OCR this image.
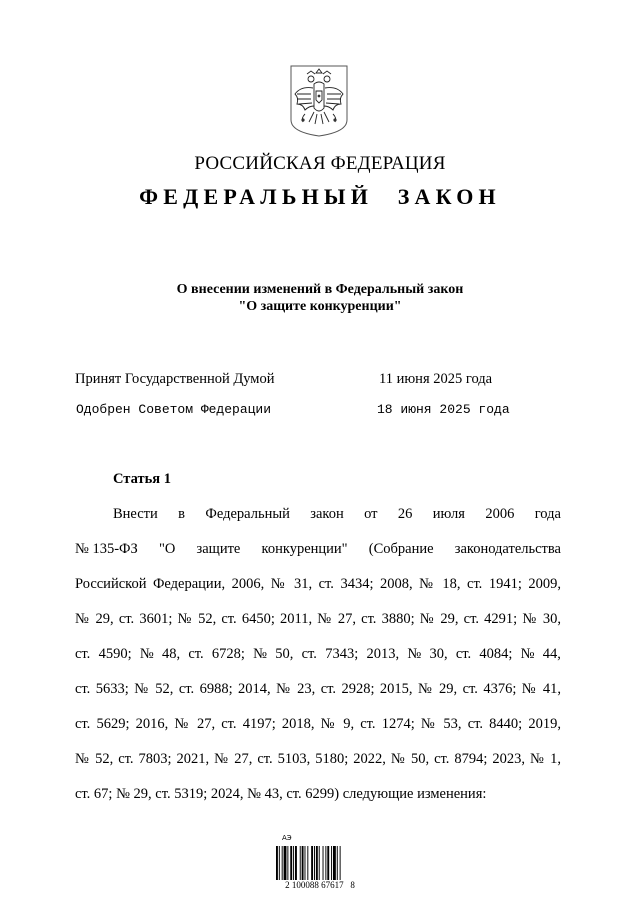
РОССИЙСКАЯ ФЕДЕРАЦИЯ
ФЕДЕРАЛЬНЫЙ ЗАКОН
О внесении изменений в Федеральный закон
"О защите конкуренции"
Принят Государственной Думой	11 июня 2025 года
Одобрен Советом Федерации	18 июня 2025 года
Статья 1
Внести в Федеральный закон от 26 июля 2006 года
№ 135-ФЗ "О защите конкуренции" (Собрание законодательства
Российской Федерации, 2006, № 31, ст. 3434; 2008, № 18, ст. 1941; 2009,
№ 29, ст. 3601; № 52, ст. 6450; 2011, № 27, ст. 3880; № 29, ст. 4291; № 30,
ст. 4590; № 48, ст. 6728; № 50, ст. 7343; 2013, № 30, ст. 4084; № 44,
ст. 5633; № 52, ст. 6988; 2014, № 23, ст. 2928; 2015, № 29, ст. 4376; № 41,
ст. 5629; 2016, № 27, ст. 4197; 2018, № 9, ст. 1274; № 53, ст. 8440; 2019,
№ 52, ст. 7803; 2021, № 27, ст. 5103, 5180; 2022, № 50, ст. 8794; 2023, № 1,
ст. 67; № 29, ст. 5319; 2024, № 43, ст. 6299) следующие изменения:
АЭ
2 100088 67617   8
